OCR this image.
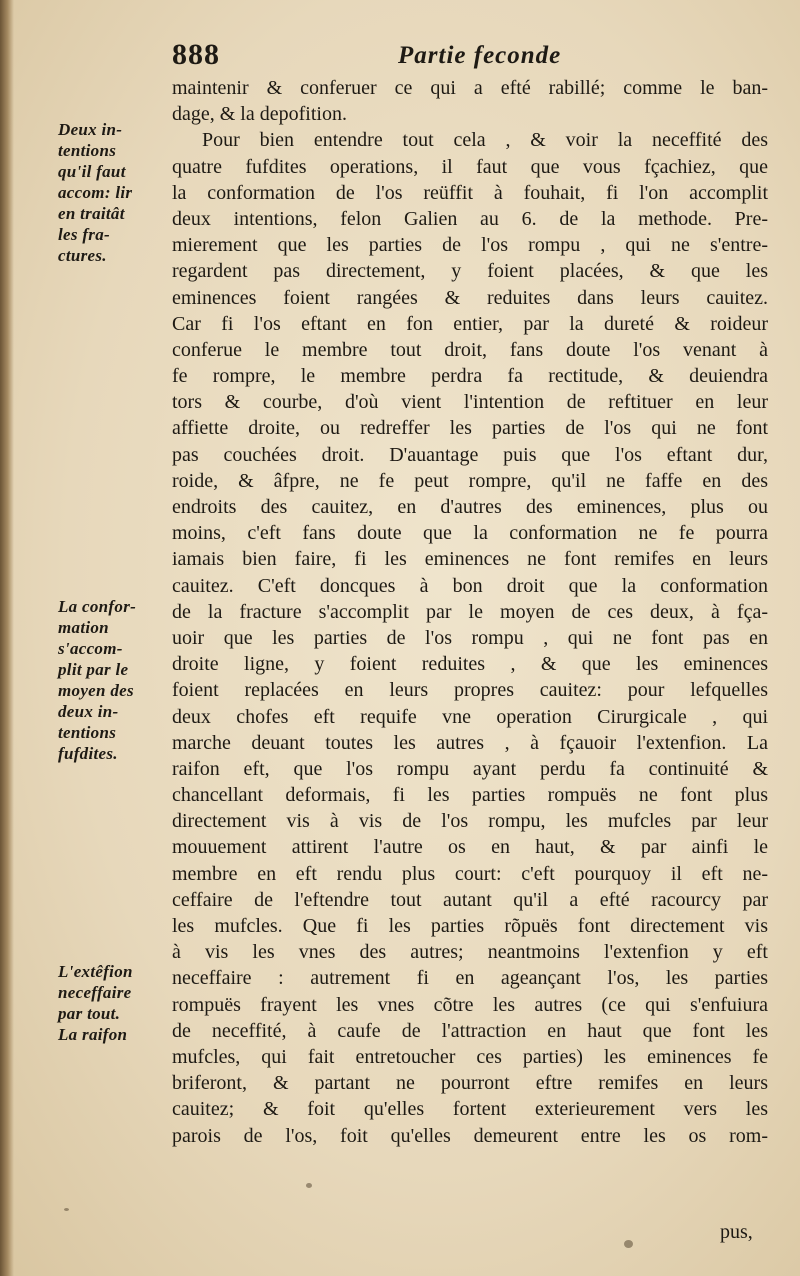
888	Partie feconde
Deux in-
tentions
qu'il faut
accom: lir
en traitât
les fra-
ctures.
La confor-
mation
s'accom-
plit par le
moyen des
deux in-
tentions
fufdites.
L'extêfion
neceffaire
par tout.
La raifon
maintenir & conferuer ce qui a efté rabillé; comme le ban-
dage, & la depofition.
Pour bien entendre tout cela , & voir la neceffité des
quatre fufdites operations, il faut que vous fçachiez, que
la conformation de l'os reüffit à fouhait, fi l'on accomplit
deux intentions, felon Galien au 6. de la methode. Pre-
mierement que les parties de l'os rompu , qui ne s'entre-
regardent pas directement, y foient placées, & que les
eminences foient rangées & reduites dans leurs cauitez.
Car fi l'os eftant en fon entier, par la dureté & roideur
conferue le membre tout droit, fans doute l'os venant à
fe rompre, le membre perdra fa rectitude, & deuiendra
tors & courbe, d'où vient l'intention de reftituer en leur
affiette droite, ou redreffer les parties de l'os qui ne font
pas couchées droit. D'auantage puis que l'os eftant dur,
roide, & âfpre, ne fe peut rompre, qu'il ne faffe en des
endroits des cauitez, en d'autres des eminences, plus ou
moins, c'eft fans doute que la conformation ne fe pourra
iamais bien faire, fi les eminences ne font remifes en leurs
cauitez. C'eft doncques à bon droit que la conformation
de la fracture s'accomplit par le moyen de ces deux, à fça-
uoir que les parties de l'os rompu , qui ne font pas en
droite ligne, y foient reduites , & que les eminences
foient replacées en leurs propres cauitez: pour lefquelles
deux chofes eft requife vne operation Cirurgicale , qui
marche deuant toutes les autres , à fçauoir l'extenfion. La
raifon eft, que l'os rompu ayant perdu fa continuité &
chancellant deformais, fi les parties rompuës ne font plus
directement vis à vis de l'os rompu, les mufcles par leur
mouuement attirent l'autre os en haut, & par ainfi le
membre en eft rendu plus court: c'eft pourquoy il eft ne-
ceffaire de l'eftendre tout autant qu'il a efté racourcy par
les mufcles. Que fi les parties rõpuës font directement vis
à vis les vnes des autres; neantmoins l'extenfion y eft
neceffaire : autrement fi en ageançant l'os, les parties
rompuës frayent les vnes cõtre les autres (ce qui s'enfuiura
de neceffité, à caufe de l'attraction en haut que font les
mufcles, qui fait entretoucher ces parties) les eminences fe
briferont, & partant ne pourront eftre remifes en leurs
cauitez; & foit qu'elles fortent exterieurement vers les
parois de l'os, foit qu'elles demeurent entre les os rom-
pus,
